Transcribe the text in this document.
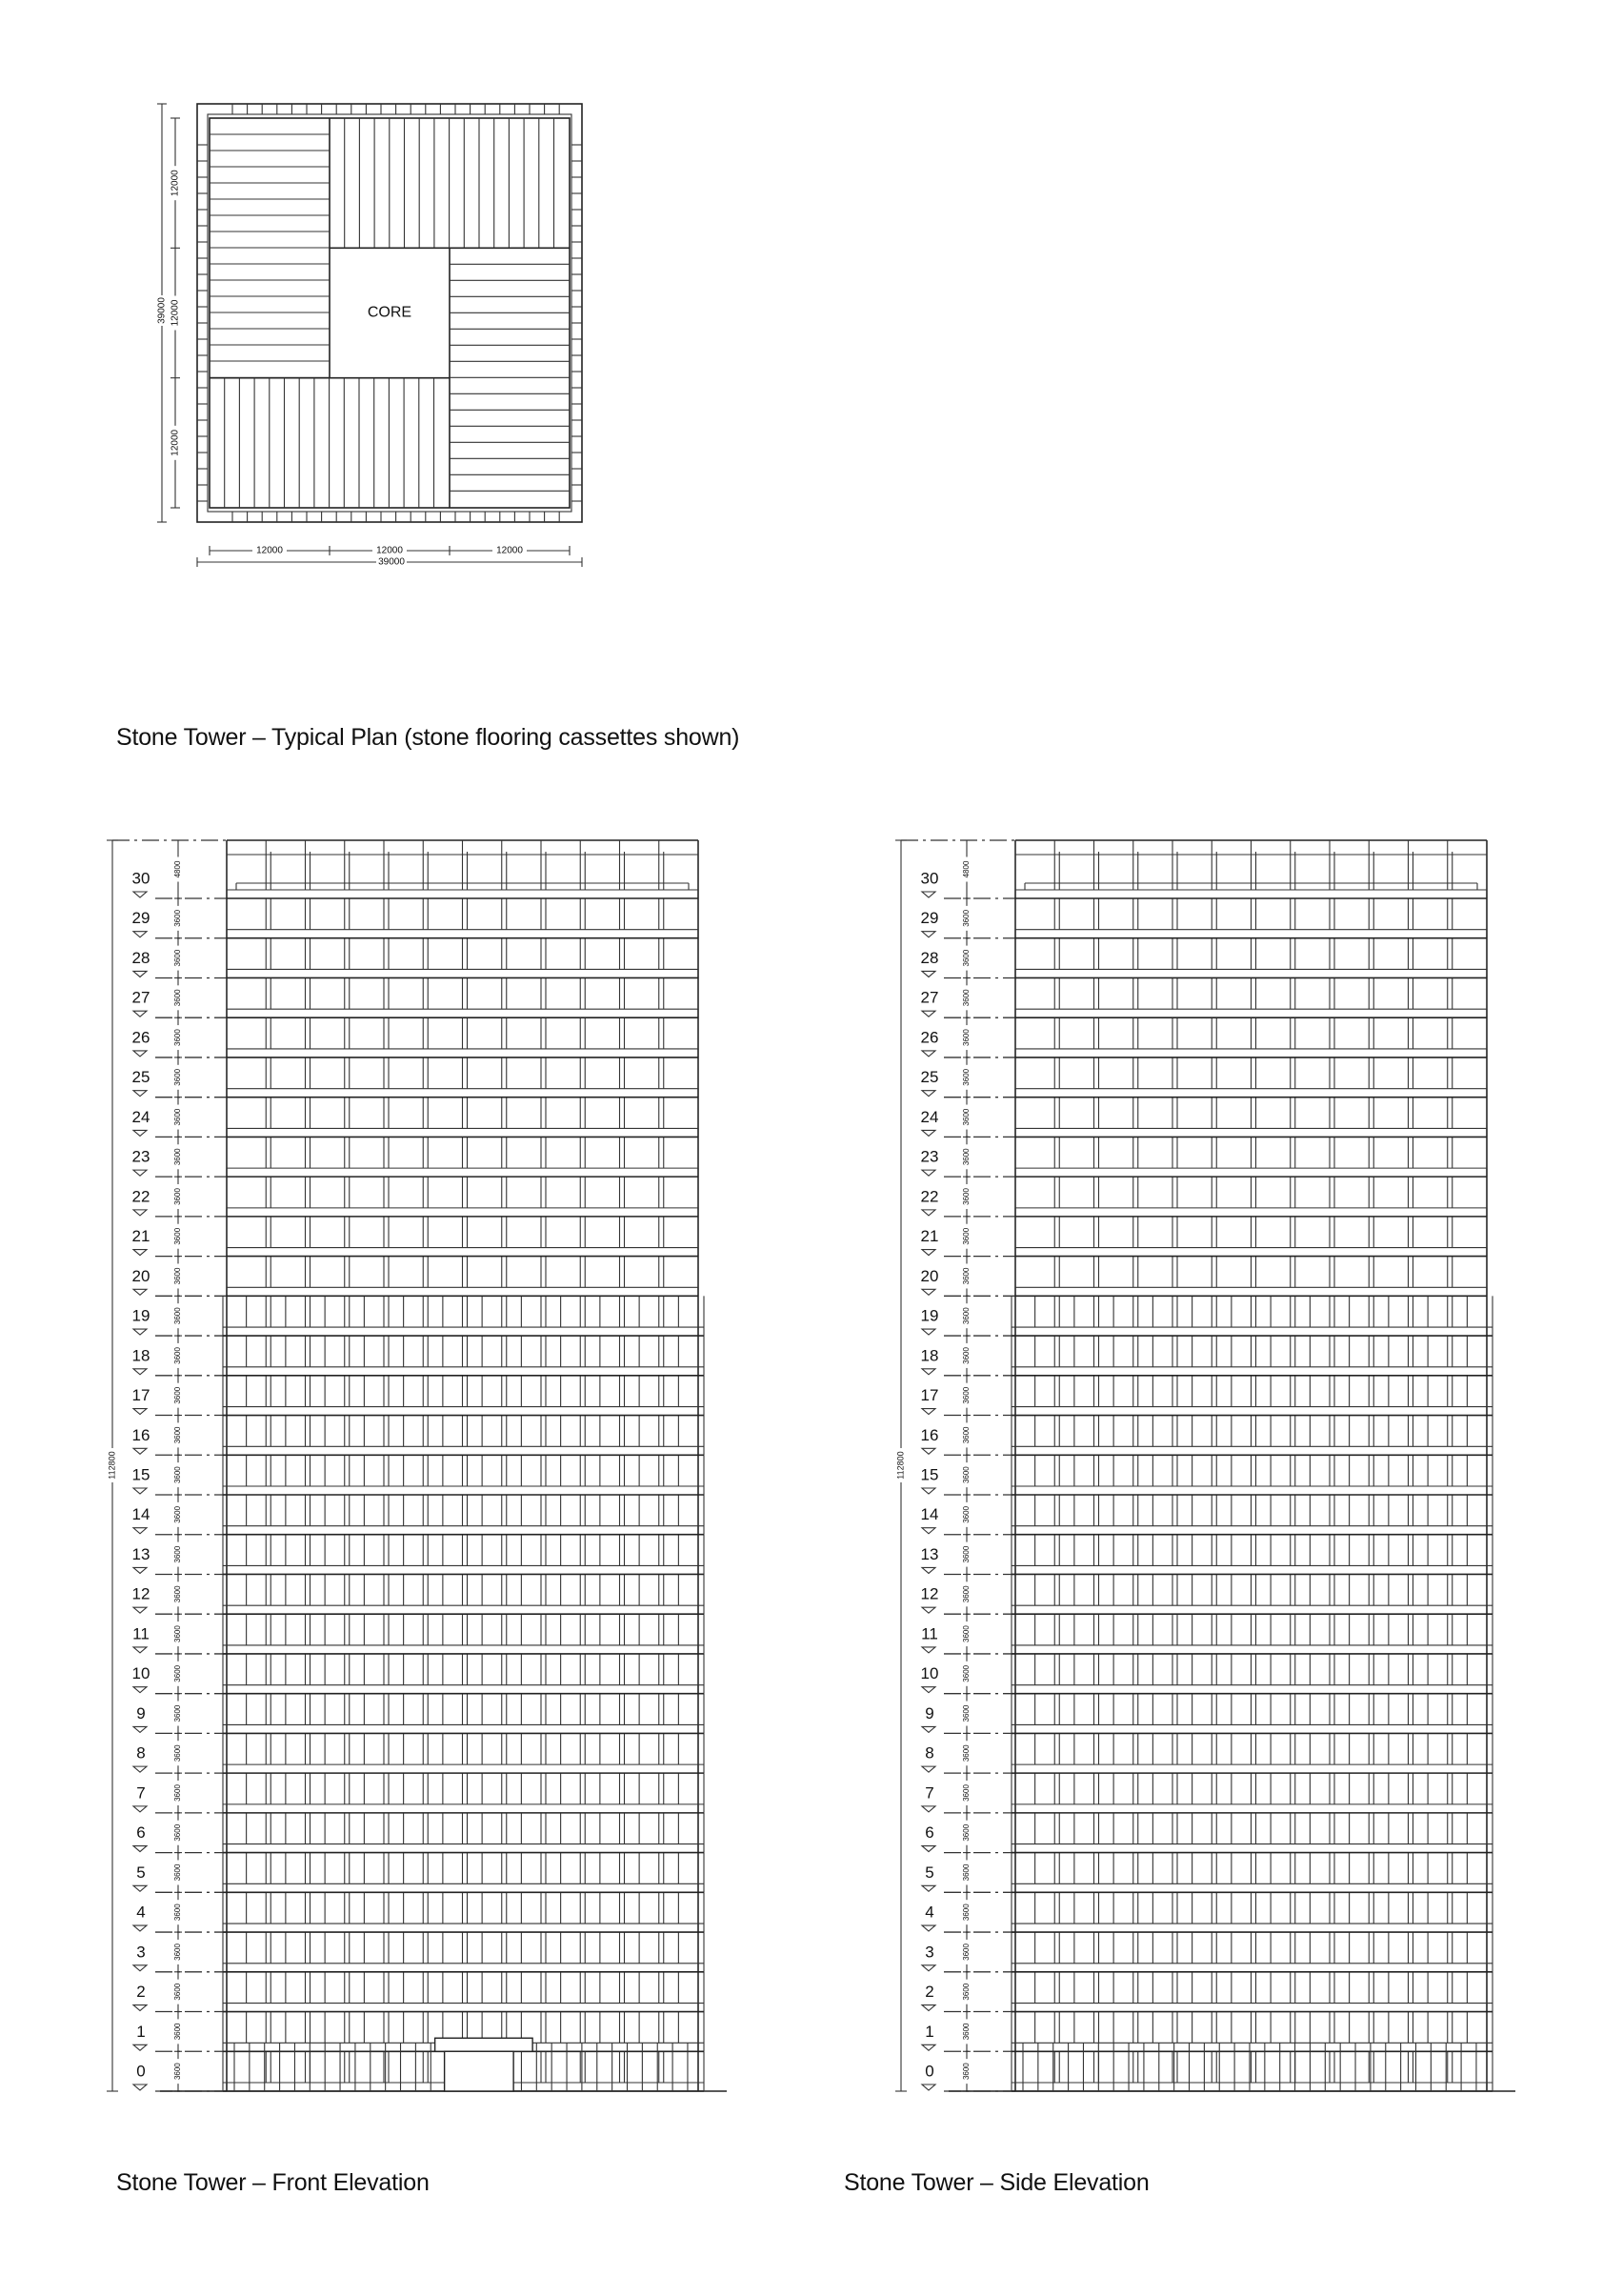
CORE
12000	12000	12000
39000
12000
12000
12000
39000
112800
0	3600
1	3600
2	3600
3	3600
4	3600
5	3600
6	3600
7	3600
8	3600
9	3600
10	3600
11	3600
12	3600
13	3600
14	3600
15	3600
16	3600
17	3600
18	3600
19	3600
20	3600
21	3600
22	3600
23	3600
24	3600
25	3600
26	3600
27	3600
28	3600
29	3600
30	4800
112800
0	3600
1	3600
2	3600
3	3600
4	3600
5	3600
6	3600
7	3600
8	3600
9	3600
10	3600
11	3600
12	3600
13	3600
14	3600
15	3600
16	3600
17	3600
18	3600
19	3600
20	3600
21	3600
22	3600
23	3600
24	3600
25	3600
26	3600
27	3600
28	3600
29	3600
30	4800
Stone Tower – Typical Plan (stone flooring cassettes shown)
Stone Tower – Front Elevation	Stone Tower – Side Elevation
